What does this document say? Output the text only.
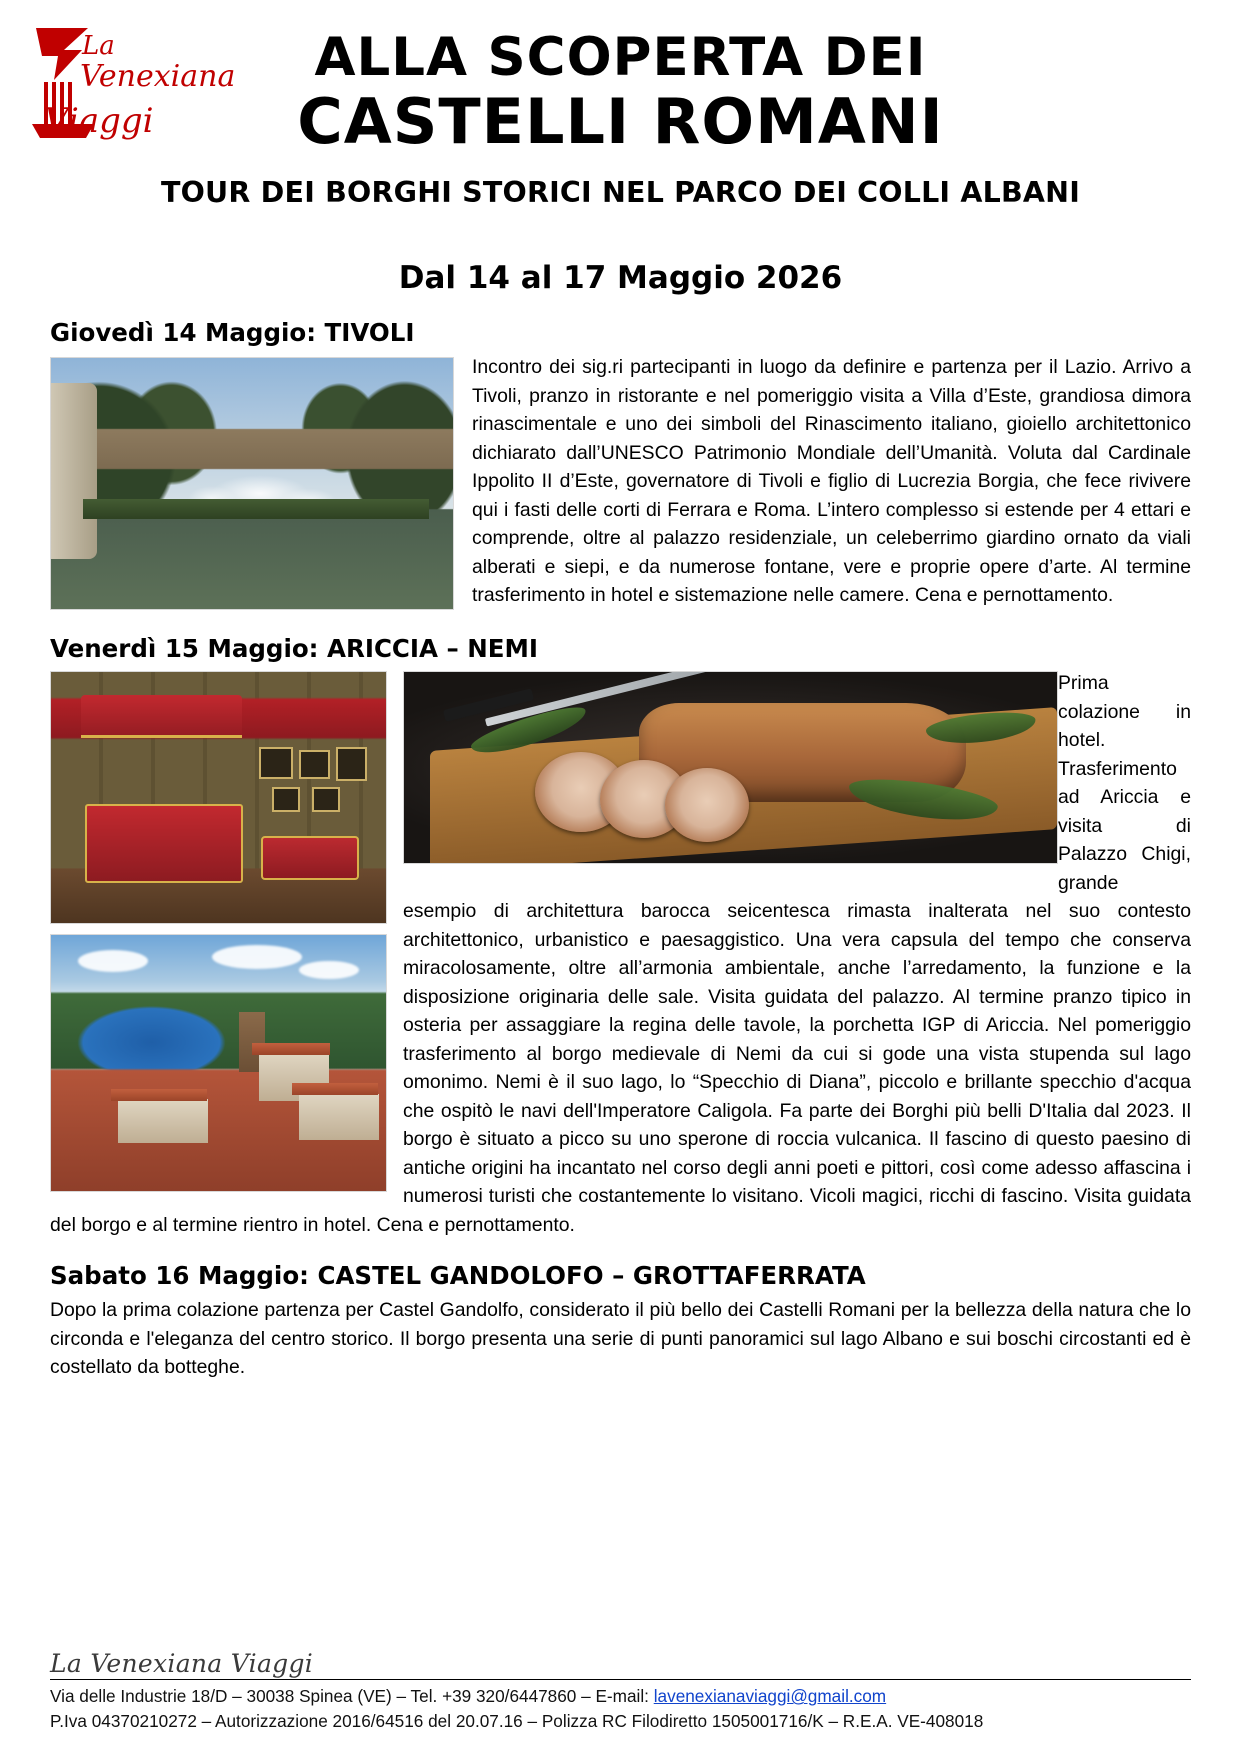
La
Venexiana
Viaggi
ALLA SCOPERTA DEI
CASTELLI ROMANI
TOUR DEI BORGHI STORICI NEL PARCO DEI COLLI ALBANI
Dal 14 al 17 Maggio 2026
Giovedì 14 Maggio: TIVOLI

Incontro dei sig.ri partecipanti in luogo da definire e partenza per il Lazio. Arrivo a Tivoli, pranzo in ristorante e nel pomeriggio visita a Villa d’Este, grandiosa dimora rinascimentale e uno dei simboli del Rinascimento italiano, gioiello architettonico dichiarato dall’UNESCO Patrimonio Mondiale dell’Umanità. Voluta dal Cardinale Ippolito II d’Este, governatore di Tivoli e figlio di Lucrezia Borgia, che fece rivivere qui i fasti delle corti di Ferrara e Roma. L’intero complesso si estende per 4 ettari e comprende, oltre al palazzo residenziale, un celeberrimo giardino ornato da viali alberati e siepi, e da numerose fontane, vere e proprie opere d’arte. Al termine trasferimento in hotel e sistemazione nelle camere. Cena e pernottamento.

Venerdì 15 Maggio: ARICCIA – NEMI
Prima colazione in hotel. Trasferimento ad Ariccia e visita di Palazzo Chigi, grande esempio di architettura barocca seicentesca rimasta inalterata nel suo contesto architettonico, urbanistico e paesaggistico. Una vera capsula del tempo che conserva miracolosamente, oltre all’armonia ambientale, anche l’arredamento, la funzione e la disposizione originaria delle sale. Visita guidata del palazzo. Al termine pranzo tipico in osteria per assaggiare la regina delle tavole, la porchetta IGP di Ariccia. Nel pomeriggio trasferimento al borgo medievale di Nemi da cui si gode una vista stupenda sul lago omonimo. Nemi è il suo lago, lo “Specchio di Diana”, piccolo e brillante specchio d'acqua che ospitò le navi dell'Imperatore Caligola. Fa parte dei Borghi più belli D'Italia dal 2023. Il borgo è situato a picco su uno sperone di roccia vulcanica. Il fascino di questo paesino di antiche origini ha incantato nel corso degli anni poeti e pittori, così come adesso affascina i numerosi turisti che costantemente lo visitano. Vicoli magici, ricchi di fascino. Visita guidata del borgo e al termine rientro in hotel. Cena e pernottamento.
Sabato 16 Maggio: CASTEL GANDOLOFO – GROTTAFERRATA

Dopo la prima colazione partenza per Castel Gandolfo, considerato il più bello dei Castelli Romani per la bellezza della natura che lo circonda e l'eleganza del centro storico. Il borgo presenta una serie di punti panoramici sul lago Albano e sui boschi circostanti ed è costellato da botteghe.

La Venexiana Viaggi
Via delle Industrie 18/D – 30038 Spinea (VE) – Tel. +39 320/6447860 – E-mail: lavenexianaviaggi@gmail.com
P.Iva 04370210272 – Autorizzazione 2016/64516 del 20.07.16 – Polizza RC Filodiretto 1505001716/K – R.E.A. VE-408018
